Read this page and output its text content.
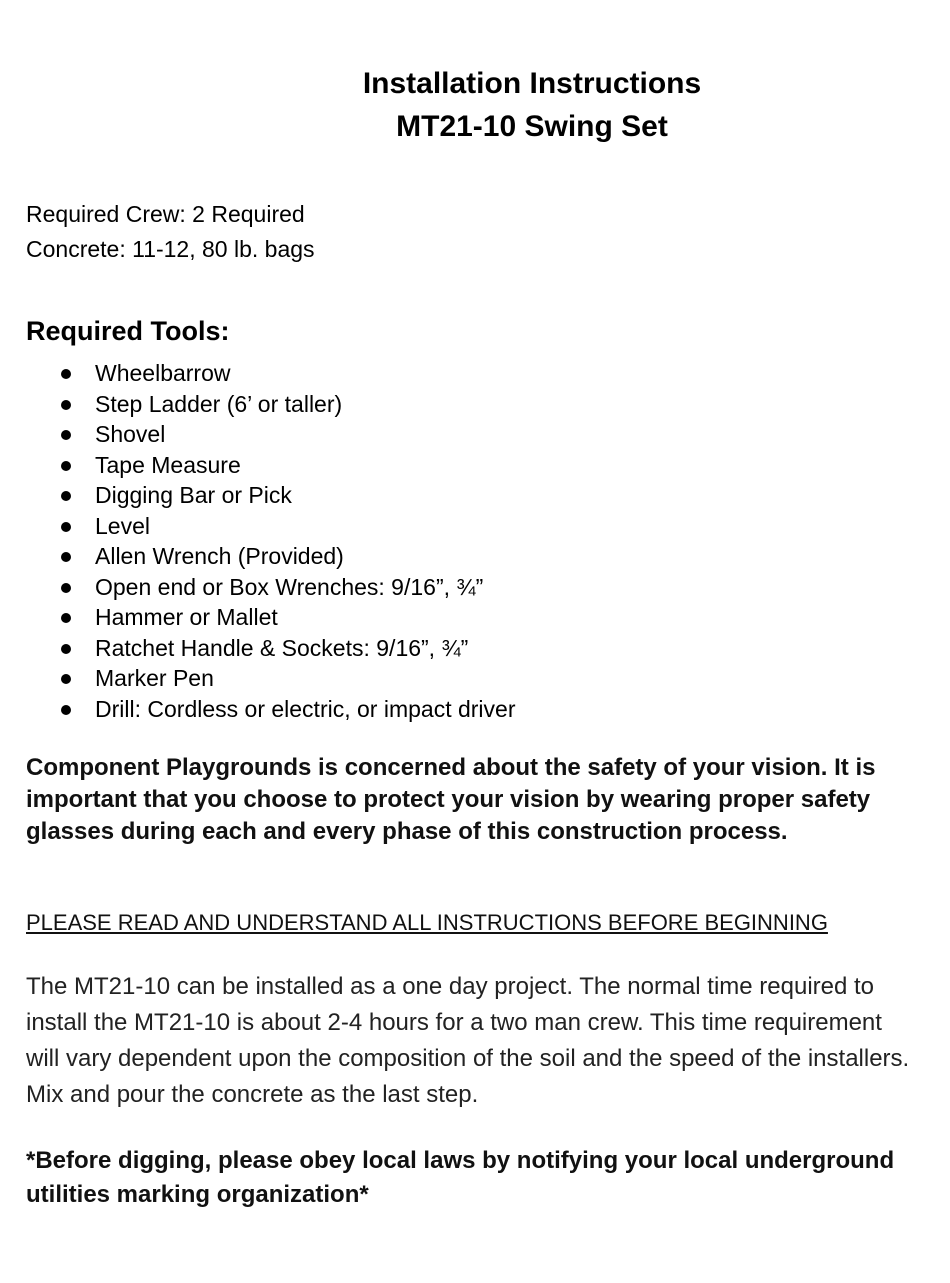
Installation Instructions
MT21-10 Swing Set
Required Crew: 2 Required
Concrete: 11-12, 80 lb. bags
Required Tools:
Wheelbarrow
Step Ladder (6’ or taller)
Shovel
Tape Measure
Digging Bar or Pick
Level
Allen Wrench (Provided)
Open end or Box Wrenches: 9/16”, ¾”
Hammer or Mallet
Ratchet Handle & Sockets: 9/16”, ¾”
Marker Pen
Drill: Cordless or electric, or impact driver
Component Playgrounds is concerned about the safety of your vision. It is important that you choose to protect your vision by wearing proper safety glasses during each and every phase of this construction process.
PLEASE READ AND UNDERSTAND ALL INSTRUCTIONS BEFORE BEGINNING
The MT21-10 can be installed as a one day project. The normal time required to install the MT21-10 is about 2-4 hours for a two man crew. This time requirement will vary dependent upon the composition of the soil and the speed of the installers. Mix and pour the concrete as the last step.
*Before digging, please obey local laws by notifying your local underground utilities marking organization*
